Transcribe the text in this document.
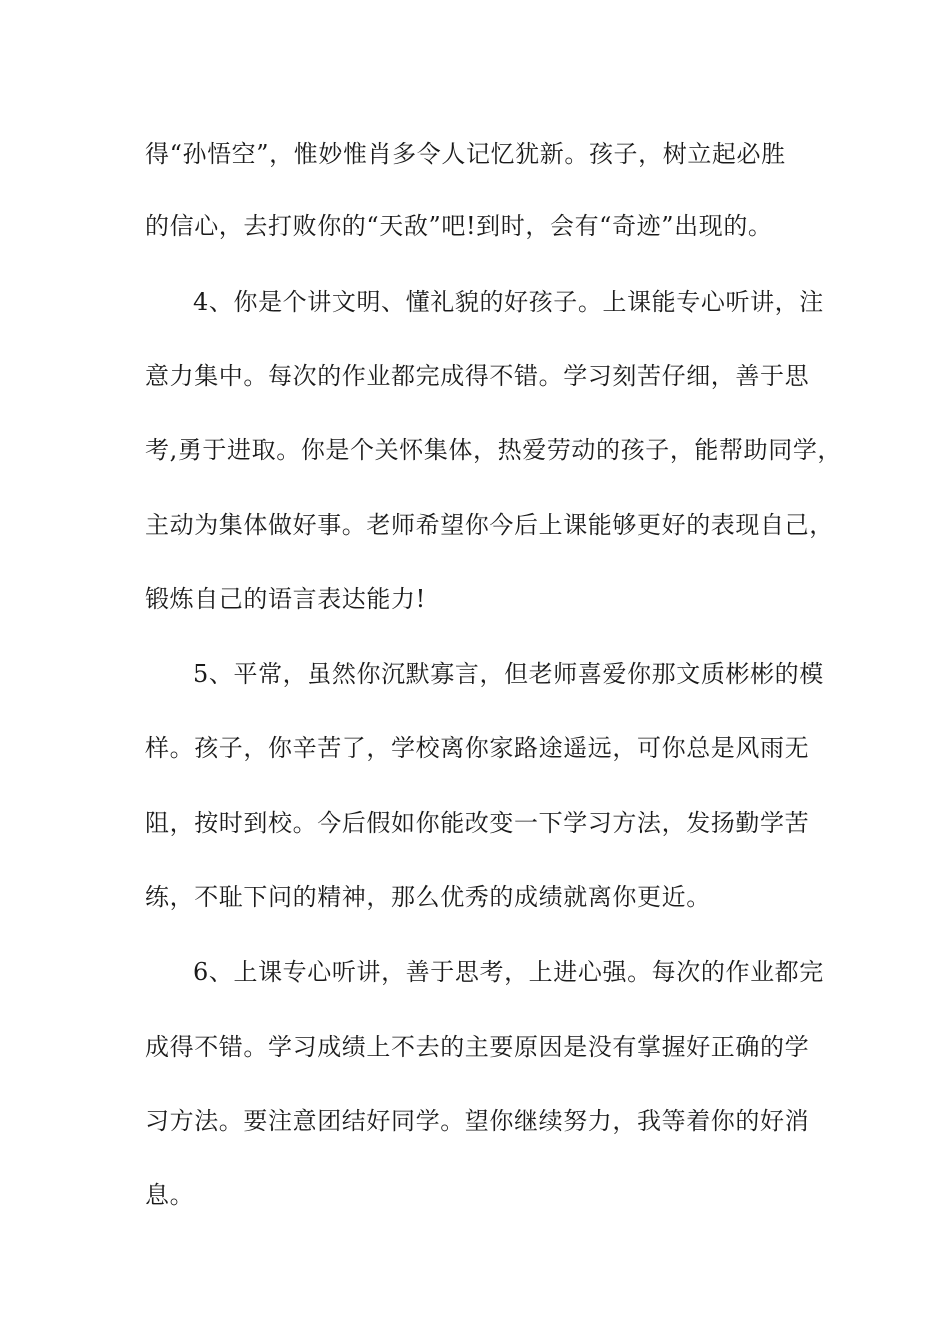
得“孙悟空”，惟妙惟肖多令人记忆犹新。孩子，树立起必胜
的信心，去打败你的“天敌”吧!到时，会有“奇迹”出现的。
4、你是个讲文明、懂礼貌的好孩子。上课能专心听讲，注
意力集中。每次的作业都完成得不错。学习刻苦仔细，善于思
考,勇于进取。你是个关怀集体，热爱劳动的孩子，能帮助同学，
主动为集体做好事。老师希望你今后上课能够更好的表现自己，
锻炼自己的语言表达能力!
5、平常，虽然你沉默寡言，但老师喜爱你那文质彬彬的模
样。孩子，你辛苦了，学校离你家路途遥远，可你总是风雨无
阻，按时到校。今后假如你能改变一下学习方法，发扬勤学苦
练，不耻下问的精神，那么优秀的成绩就离你更近。
6、上课专心听讲，善于思考，上进心强。每次的作业都完
成得不错。学习成绩上不去的主要原因是没有掌握好正确的学
习方法。要注意团结好同学。望你继续努力，我等着你的好消
息。
